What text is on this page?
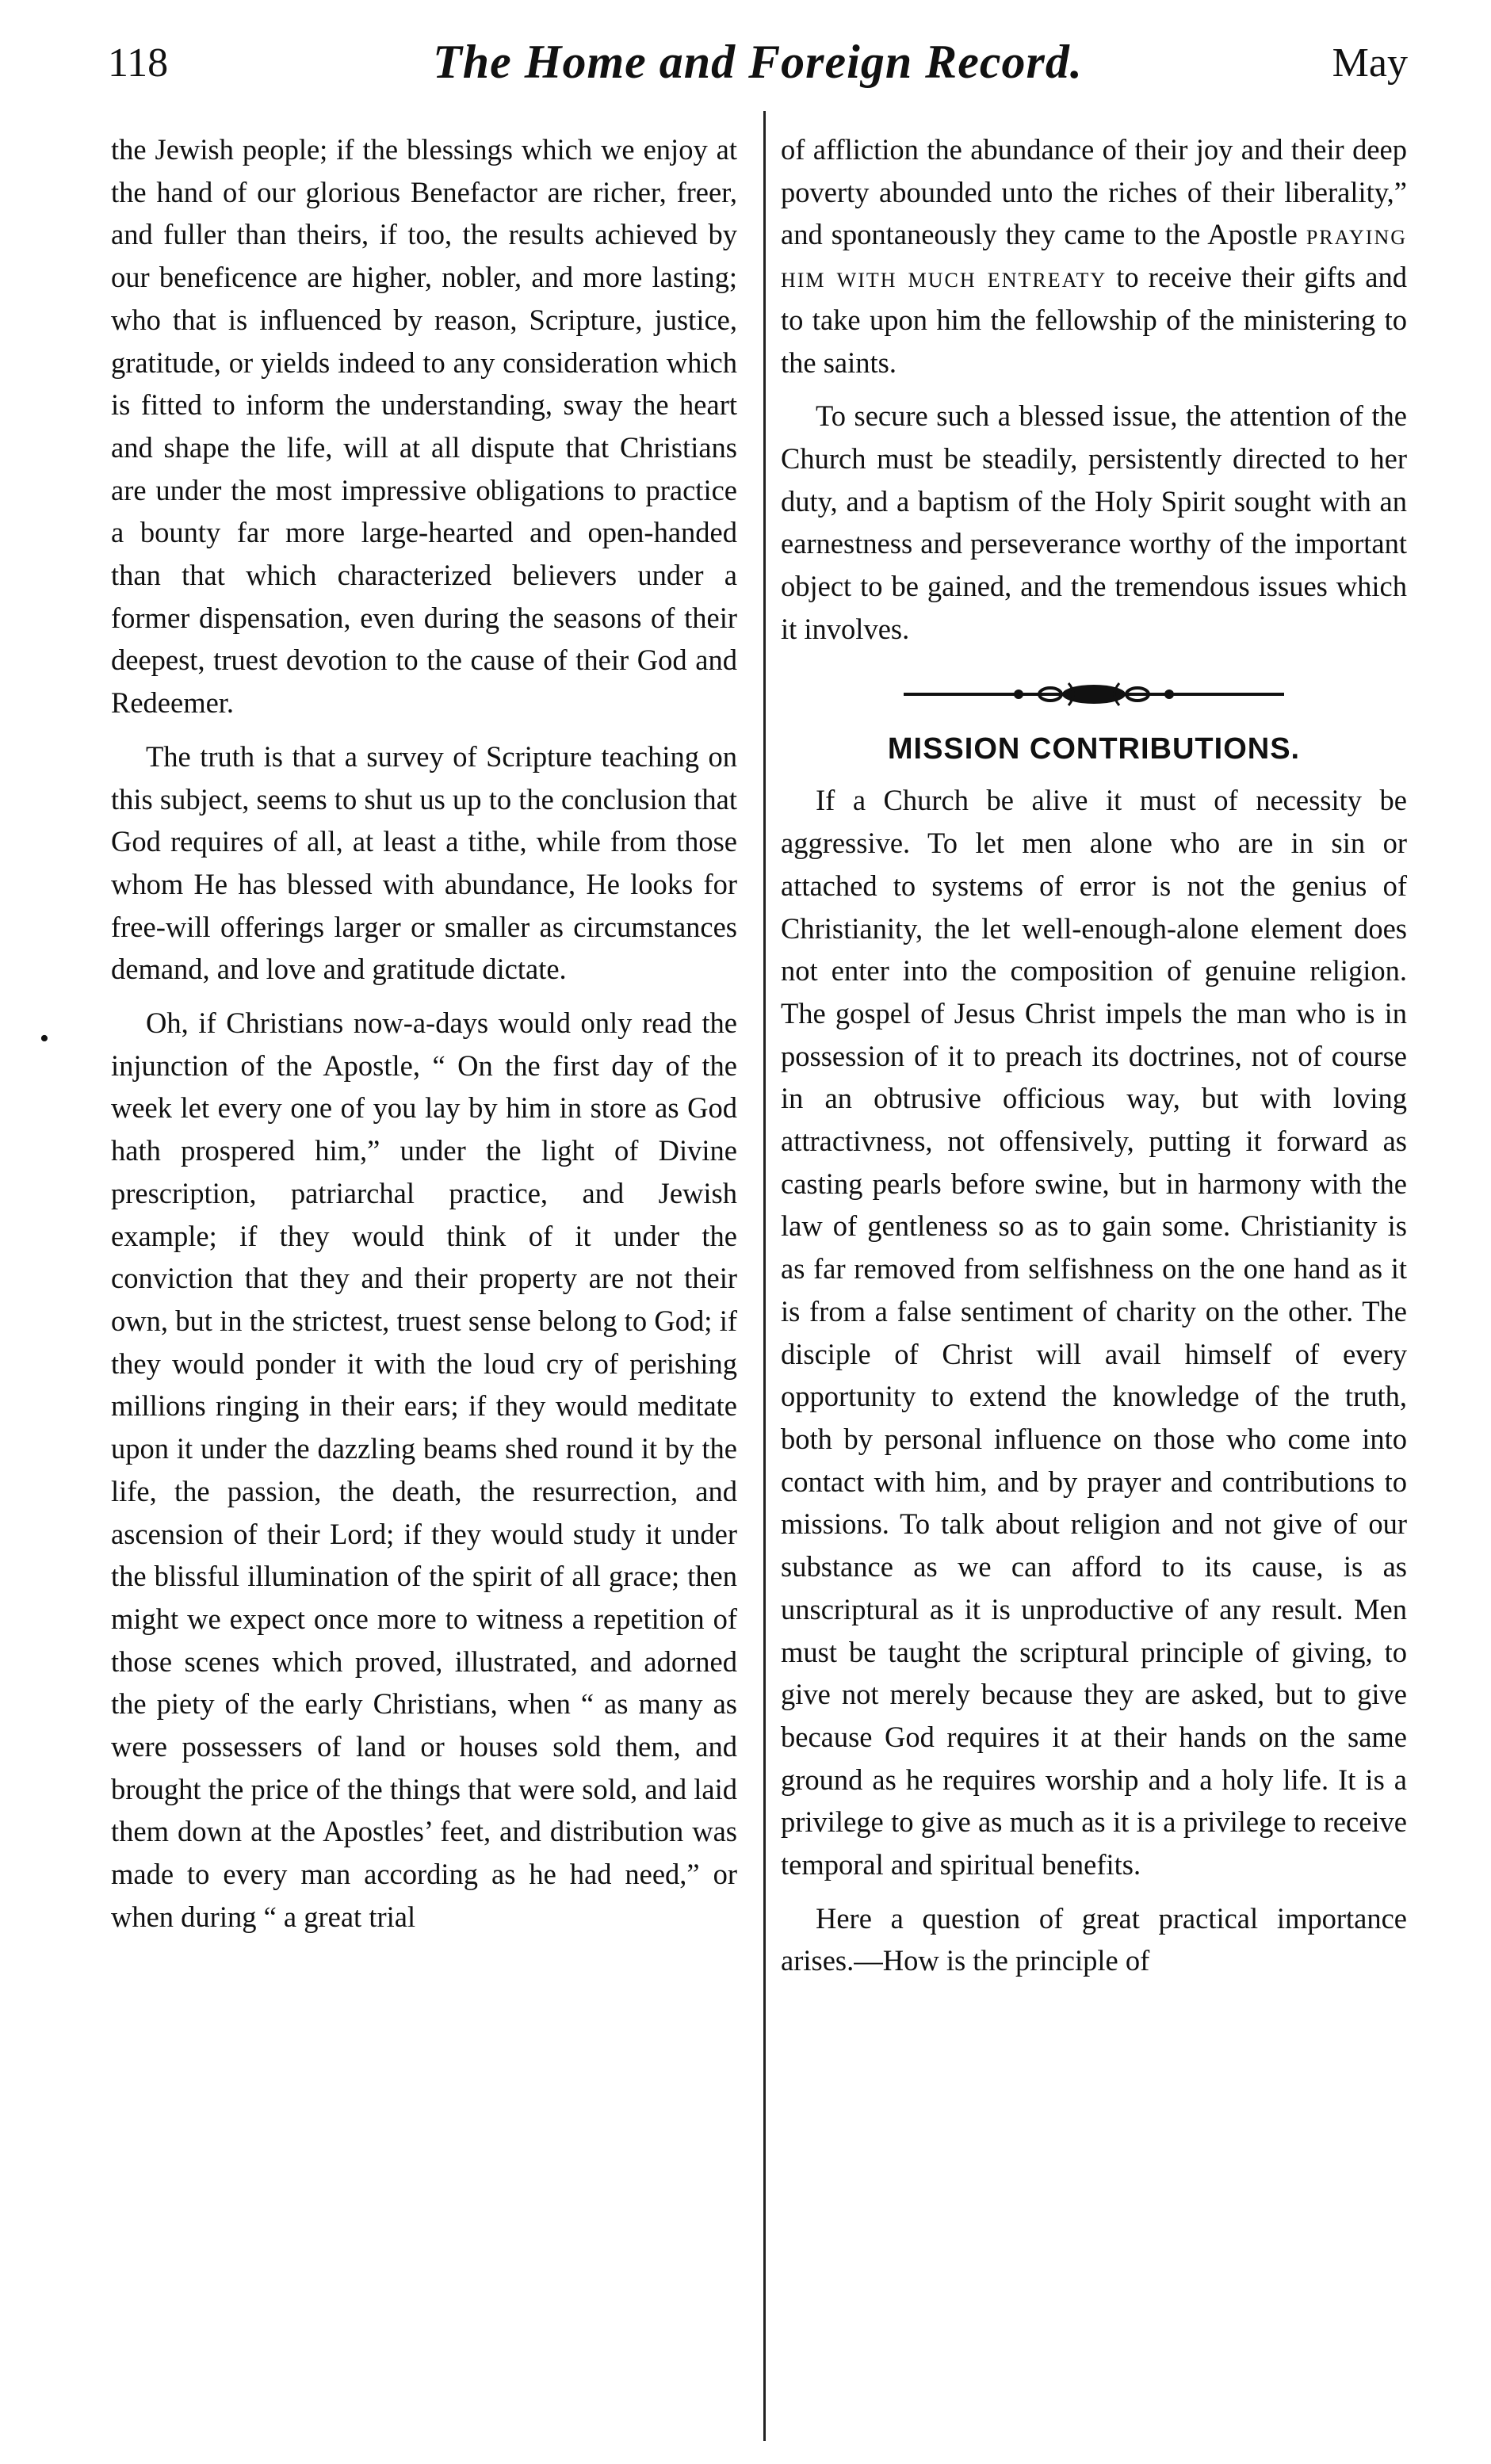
118	The Home and Foreign Record.	May
•

the Jewish people; if the blessings which we enjoy at the hand of our glorious Benefactor are richer, freer, and fuller than theirs, if too, the results achieved by our beneficence are higher, nobler, and more lasting; who that is influenced by reason, Scripture, justice, gratitude, or yields indeed to any consideration which is fitted to inform the understanding, sway the heart and shape the life, will at all dispute that Christians are under the most impressive obligations to practice a bounty far more large-hearted and open-handed than that which characterized believers under a former dispensation, even during the seasons of their deepest, truest devotion to the cause of their God and Redeemer.

The truth is that a survey of Scripture teaching on this subject, seems to shut us up to the conclusion that God requires of all, at least a tithe, while from those whom He has blessed with abundance, He looks for free-will offerings larger or smaller as circumstances demand, and love and gratitude dictate.

Oh, if Christians now-a-days would only read the injunction of the Apostle, “ On the first day of the week let every one of you lay by him in store as God hath prospered him,” under the light of Divine prescription, patriarchal practice, and Jewish example; if they would think of it under the conviction that they and their property are not their own, but in the strictest, truest sense belong to God; if they would ponder it with the loud cry of perishing millions ringing in their ears; if they would meditate upon it under the dazzling beams shed round it by the life, the passion, the death, the resurrection, and ascension of their Lord; if they would study it under the blissful illumination of the spirit of all grace; then might we expect once more to witness a repetition of those scenes which proved, illustrated, and adorned the piety of the early Christians, when “ as many as were possessers of land or houses sold them, and brought the price of the things that were sold, and laid them down at the Apostles’ feet, and distribution was made to every man according as he had need,” or when during “ a great trial

of affliction the abundance of their joy and their deep poverty abounded unto the riches of their liberality,” and spontaneously they came to the Apostle praying him with much entreaty to receive their gifts and to take upon him the fellowship of the ministering to the saints.

To secure such a blessed issue, the attention of the Church must be steadily, persistently directed to her duty, and a baptism of the Holy Spirit sought with an earnestness and perseverance worthy of the important object to be gained, and the tremendous issues which it involves.

MISSION CONTRIBUTIONS.

If a Church be alive it must of necessity be aggressive. To let men alone who are in sin or attached to systems of error is not the genius of Christianity, the let well-enough-alone element does not enter into the composition of genuine religion. The gospel of Jesus Christ impels the man who is in possession of it to preach its doctrines, not of course in an obtrusive officious way, but with loving attractivness, not offensively, putting it forward as casting pearls before swine, but in harmony with the law of gentleness so as to gain some. Christianity is as far removed from selfishness on the one hand as it is from a false sentiment of charity on the other. The disciple of Christ will avail himself of every opportunity to extend the knowledge of the truth, both by personal influence on those who come into contact with him, and by prayer and contributions to missions. To talk about religion and not give of our substance as we can afford to its cause, is as unscriptural as it is unproductive of any result. Men must be taught the scriptural principle of giving, to give not merely because they are asked, but to give because God requires it at their hands on the same ground as he requires worship and a holy life. It is a privilege to give as much as it is a privilege to receive temporal and spiritual benefits.

Here a question of great practical importance arises.—How is the principle of
